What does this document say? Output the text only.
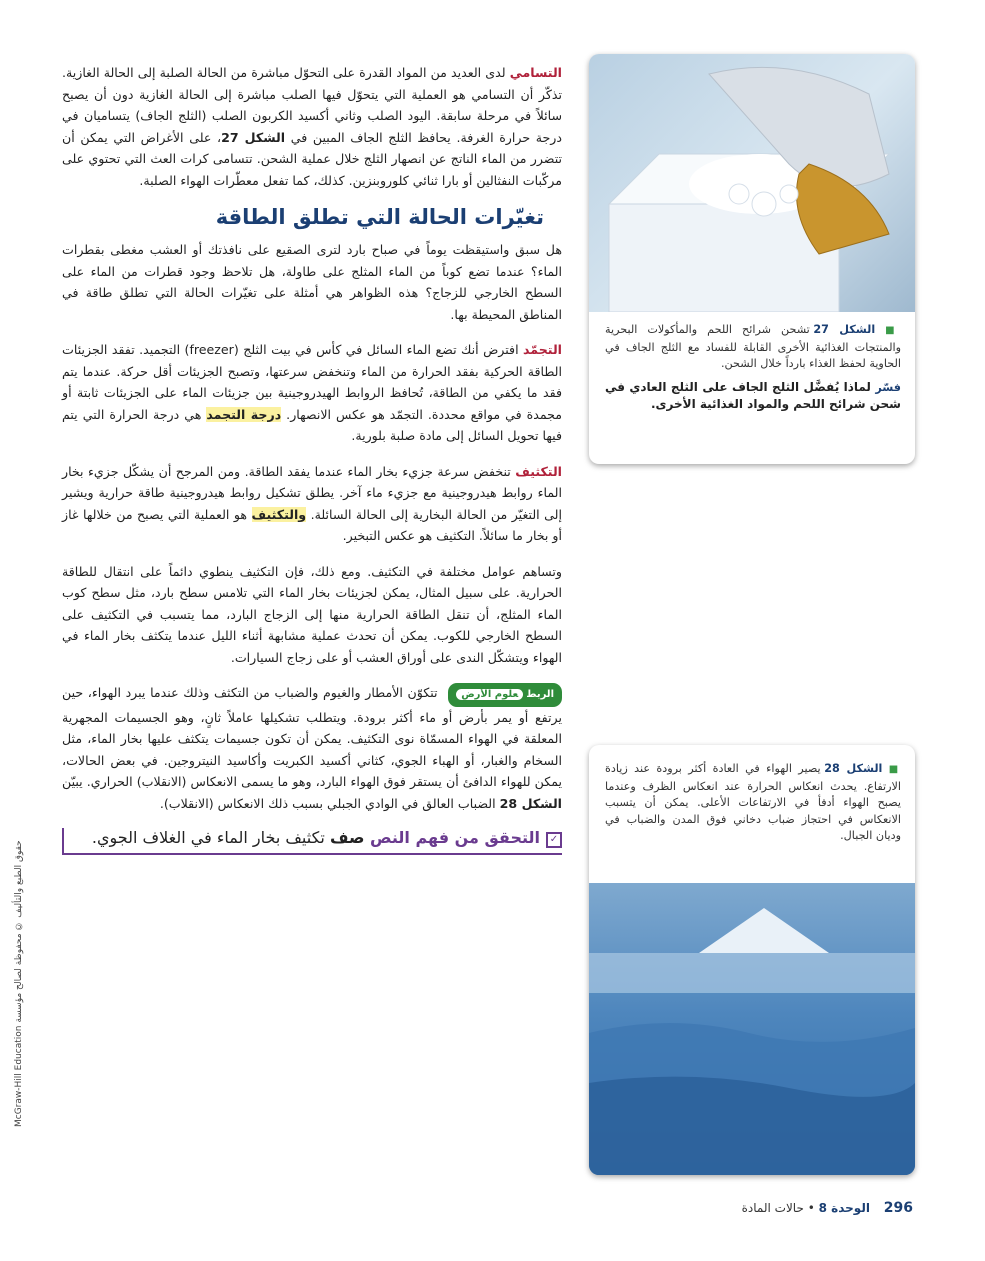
التسامي لدى العديد من المواد القدرة على التحوّل مباشرة من الحالة الصلبة إلى الحالة الغازية. تذكّر أن التسامي هو العملية التي يتحوّل فيها الصلب مباشرة إلى الحالة الغازية دون أن يصبح سائلاً في مرحلة سابقة. اليود الصلب وثاني أكسيد الكربون الصلب (الثلج الجاف) يتساميان في درجة حرارة الغرفة. يحافظ الثلج الجاف المبين في الشكل 27، على الأغراض التي يمكن أن تتضرر من الماء الناتج عن انصهار الثلج خلال عملية الشحن. تتسامى كرات العث التي تحتوي على مركّبات النفثالين أو بارا ثنائي كلوروبنزين. كذلك، كما تفعل معطّرات الهواء الصلبة.

تغيّرات الحالة التي تطلق الطاقة

هل سبق واستيقظت يوماً في صباح بارد لترى الصقيع على نافذتك أو العشب مغطى بقطرات الماء؟ عندما تضع كوباً من الماء المثلج على طاولة، هل تلاحظ وجود قطرات من الماء على السطح الخارجي للزجاج؟ هذه الظواهر هي أمثلة على تغيّرات الحالة التي تطلق طاقة في المناطق المحيطة بها.

التجمّد افترض أنك تضع الماء السائل في كأس في بيت الثلج (freezer) التجميد. تفقد الجزيئات الطاقة الحركية بفقد الحرارة من الماء وتنخفض سرعتها، وتصبح الجزيئات أقل حركة. عندما يتم فقد ما يكفي من الطاقة، تُحافظ الروابط الهيدروجينية بين جزيئات الماء على الجزيئات ثابتة أو مجمدة في مواقع محددة. التجمّد هو عكس الانصهار. درجة التجمد هي درجة الحرارة التي يتم فيها تحويل السائل إلى مادة صلبة بلورية.

التكثيف تنخفض سرعة جزيء بخار الماء عندما يفقد الطاقة. ومن المرجح أن يشكّل جزيء بخار الماء روابط هيدروجينية مع جزيء ماء آخر. يطلق تشكيل روابط هيدروجينية طاقة حرارية ويشير إلى التغيّر من الحالة البخارية إلى الحالة السائلة. والتكثيف هو العملية التي يصبح من خلالها غاز أو بخار ما سائلاً. التكثيف هو عكس التبخير.

وتساهم عوامل مختلفة في التكثيف. ومع ذلك، فإن التكثيف ينطوي دائماً على انتقال للطاقة الحرارية. على سبيل المثال، يمكن لجزيئات بخار الماء التي تلامس سطح بارد، مثل سطح كوب الماء المثلج، أن تنقل الطاقة الحرارية منها إلى الزجاج البارد، مما يتسبب في التكثيف على السطح الخارجي للكوب. يمكن أن تحدث عملية مشابهة أثناء الليل عندما يتكثف بخار الماء في الهواء ويتشكّل الندى على أوراق العشب أو على زجاج السيارات.

الربطعلوم الأرض تتكوّن الأمطار والغيوم والضباب من التكثف وذلك عندما يبرد الهواء، حين يرتفع أو يمر بأرض أو ماء أكثر برودة. ويتطلب تشكيلها عاملاً ثانٍ، وهو الجسيمات المجهرية المعلقة في الهواء المسمّاة نوى التكثيف. يمكن أن تكون جسيمات يتكثف عليها بخار الماء، مثل السخام والغبار، أو الهباء الجوي، كثاني أكسيد الكبريت وأكاسيد النيتروجين. في بعض الحالات، يمكن للهواء الدافئ أن يستقر فوق الهواء البارد، وهو ما يسمى الانعكاس (الانقلاب) الحراري. يبيّن الشكل 28 الضباب العالق في الوادي الجبلي بسبب ذلك الانعكاس (الانقلاب).

✓
التحقق من فهم النص صف تكثيف بخار الماء في الغلاف الجوي.
■ الشكل 27 تشحن شرائح اللحم والمأكولات البحرية والمنتجات الغذائية الأخرى القابلة للفساد مع الثلج الجاف في الحاوية لحفظ الغذاء بارداً خلال الشحن.
فسّر لماذا يُفضَّل الثلج الجاف على الثلج العادي في شحن شرائح اللحم والمواد الغذائية الأخرى.
■ الشكل 28 يصير الهواء في العادة أكثر برودة عند زيادة الارتفاع. يحدث انعكاس الحرارة عند انعكاس الظرف وعندما يصبح الهواء أدفأ في الارتفاعات الأعلى. يمكن أن يتسبب الانعكاس في احتجاز ضباب دخاني فوق المدن والضباب في وديان الجبال.
حقوق الطبع والتأليف © محفوظة لصالح مؤسسة McGraw-Hill Education
296 الوحدة 8 • حالات المادة
